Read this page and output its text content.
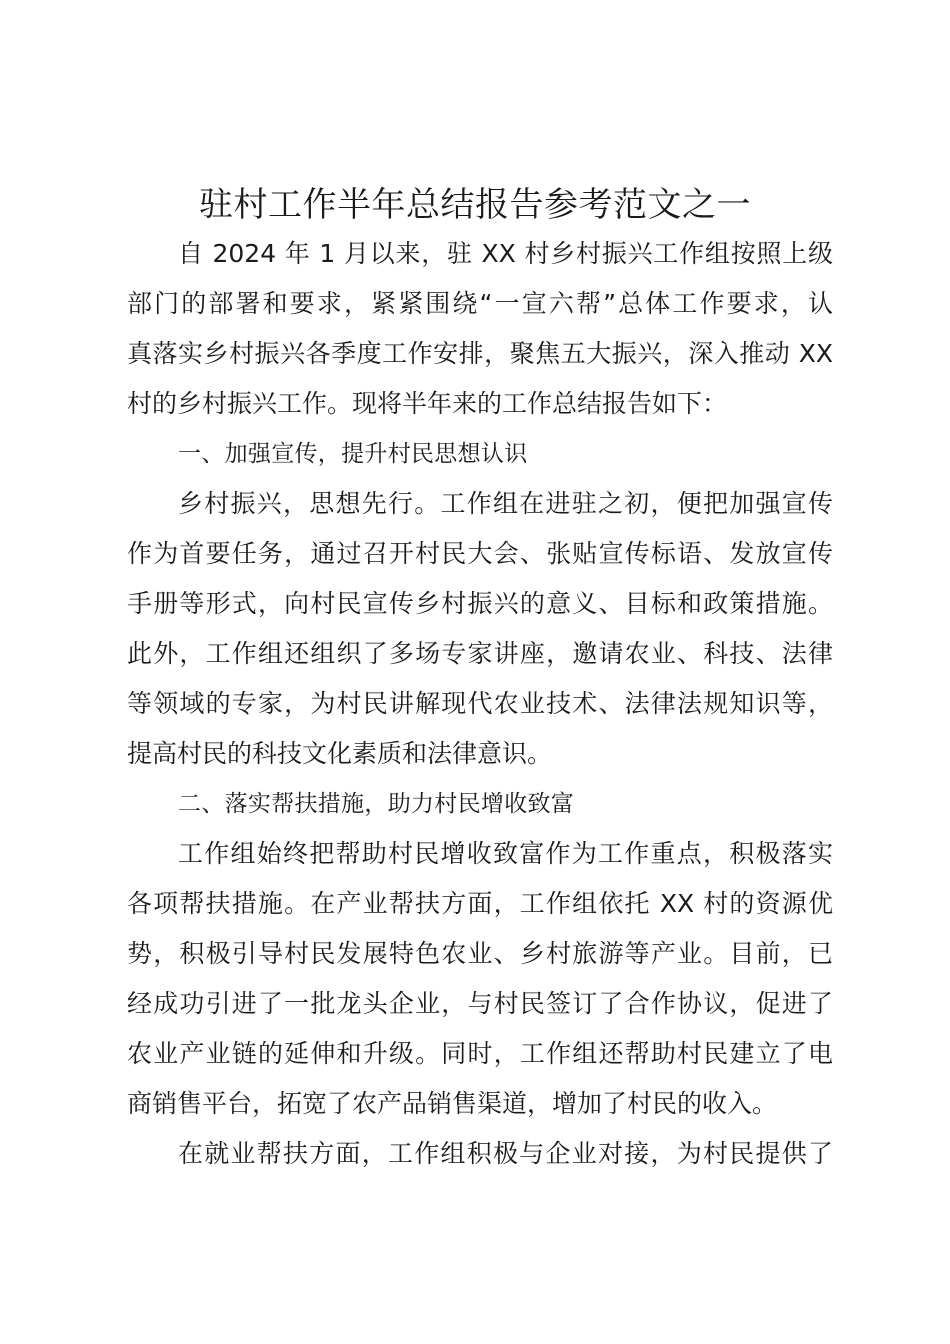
驻村工作半年总结报告参考范文之一
自 2024 年 1 月以来，驻 XX 村乡村振兴工作组按照上级
部门的部署和要求，紧紧围绕“一宣六帮”总体工作要求，认
真落实乡村振兴各季度工作安排，聚焦五大振兴，深入推动 XX
村的乡村振兴工作。现将半年来的工作总结报告如下：
一、加强宣传，提升村民思想认识
乡村振兴，思想先行。工作组在进驻之初，便把加强宣传
作为首要任务，通过召开村民大会、张贴宣传标语、发放宣传
手册等形式，向村民宣传乡村振兴的意义、目标和政策措施。
此外，工作组还组织了多场专家讲座，邀请农业、科技、法律
等领域的专家，为村民讲解现代农业技术、法律法规知识等，
提高村民的科技文化素质和法律意识。
二、落实帮扶措施，助力村民增收致富
工作组始终把帮助村民增收致富作为工作重点，积极落实
各项帮扶措施。在产业帮扶方面，工作组依托 XX 村的资源优
势，积极引导村民发展特色农业、乡村旅游等产业。目前，已
经成功引进了一批龙头企业，与村民签订了合作协议，促进了
农业产业链的延伸和升级。同时，工作组还帮助村民建立了电
商销售平台，拓宽了农产品销售渠道，增加了村民的收入。
在就业帮扶方面，工作组积极与企业对接，为村民提供了
